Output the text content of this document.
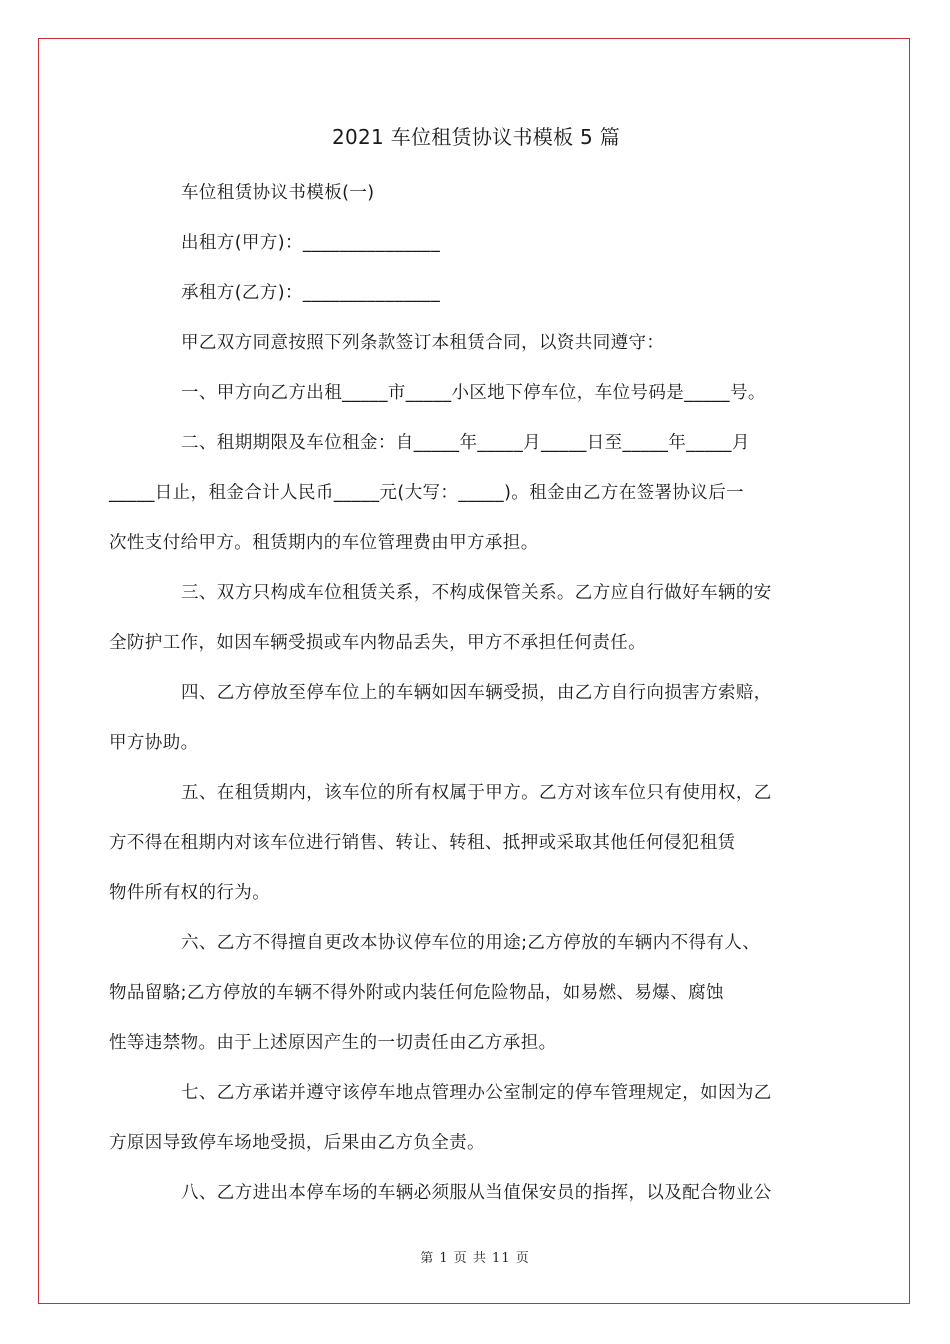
2021 车位租赁协议书模板 5 篇

车位租赁协议书模板(一)

出租方(甲方)：_______________

承租方(乙方)：_______________

甲乙双方同意按照下列条款签订本租赁合同，以资共同遵守：

一、甲方向乙方出租_____市_____小区地下停车位，车位号码是_____号。

二、租期期限及车位租金：自_____年_____月_____日至_____年_____月
_____日止，租金合计人民币_____元(大写：_____)。租金由乙方在签署协议后一
次性支付给甲方。租赁期内的车位管理费由甲方承担。

三、双方只构成车位租赁关系，不构成保管关系。乙方应自行做好车辆的安
全防护工作，如因车辆受损或车内物品丢失，甲方不承担任何责任。

四、乙方停放至停车位上的车辆如因车辆受损，由乙方自行向损害方索赔，
甲方协助。

五、在租赁期内，该车位的所有权属于甲方。乙方对该车位只有使用权，乙
方不得在租期内对该车位进行销售、转让、转租、抵押或采取其他任何侵犯租赁
物件所有权的行为。

六、乙方不得擅自更改本协议停车位的用途;乙方停放的车辆内不得有人、
物品留駱;乙方停放的车辆不得外附或内装任何危险物品，如易燃、易爆、腐蚀
性等违禁物。由于上述原因产生的一切责任由乙方承担。

七、乙方承诺并遵守该停车地点管理办公室制定的停车管理规定，如因为乙
方原因导致停车场地受损，后果由乙方负全责。

八、乙方进出本停车场的车辆必须服从当值保安员的指挥，以及配合物业公

第 1 页 共 11 页
